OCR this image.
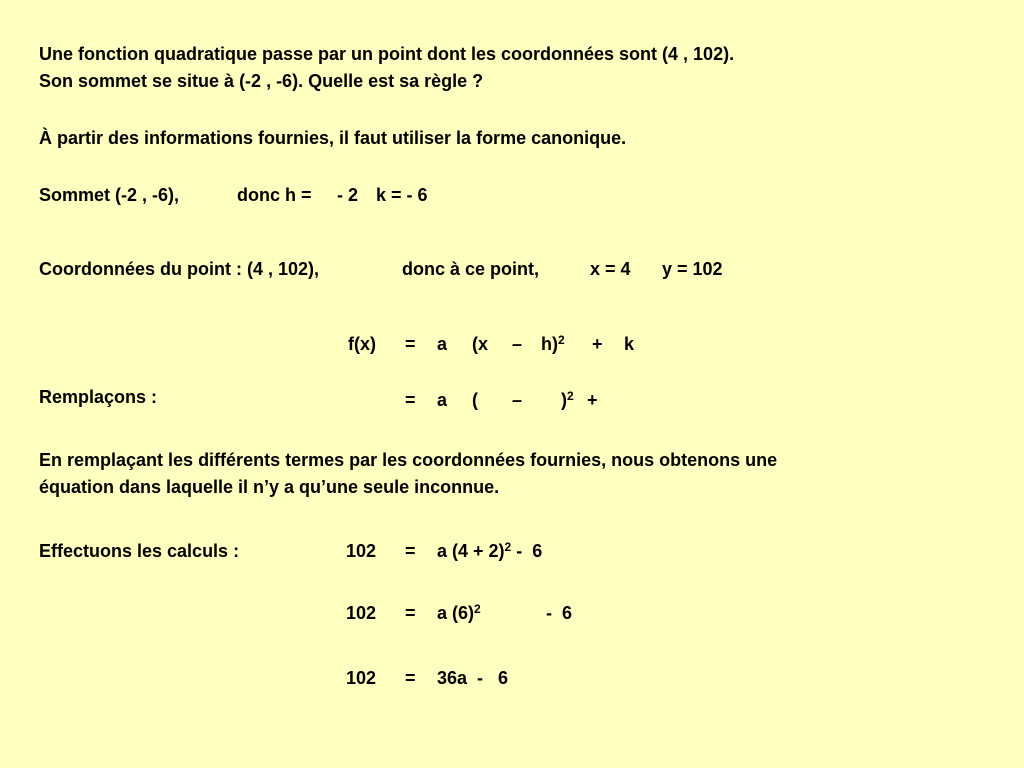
Une fonction quadratique passe par un point dont les coordonnées sont (4 , 102).
Son sommet se situe à (-2 , -6). Quelle est sa règle ?
À partir des informations fournies, il faut utiliser la forme canonique.
Sommet (-2 , -6),	donc h = - 2 k = - 6
Coordonnées du point : (4 , 102),	donc à ce point,	x = 4 y = 102
f(x) = a (x – h)$^2$ + k
Remplaçons :	= a ( – )$^2$ +
En remplaçant les différents termes par les coordonnées fournies, nous obtenons une équation dans laquelle il n’y a qu’une seule inconnue.
Effectuons les calculs :	102 = a $(4 + 2)^2 - 6$
102 = a $(6)^2$	-  6
102 = 36a  -   6
